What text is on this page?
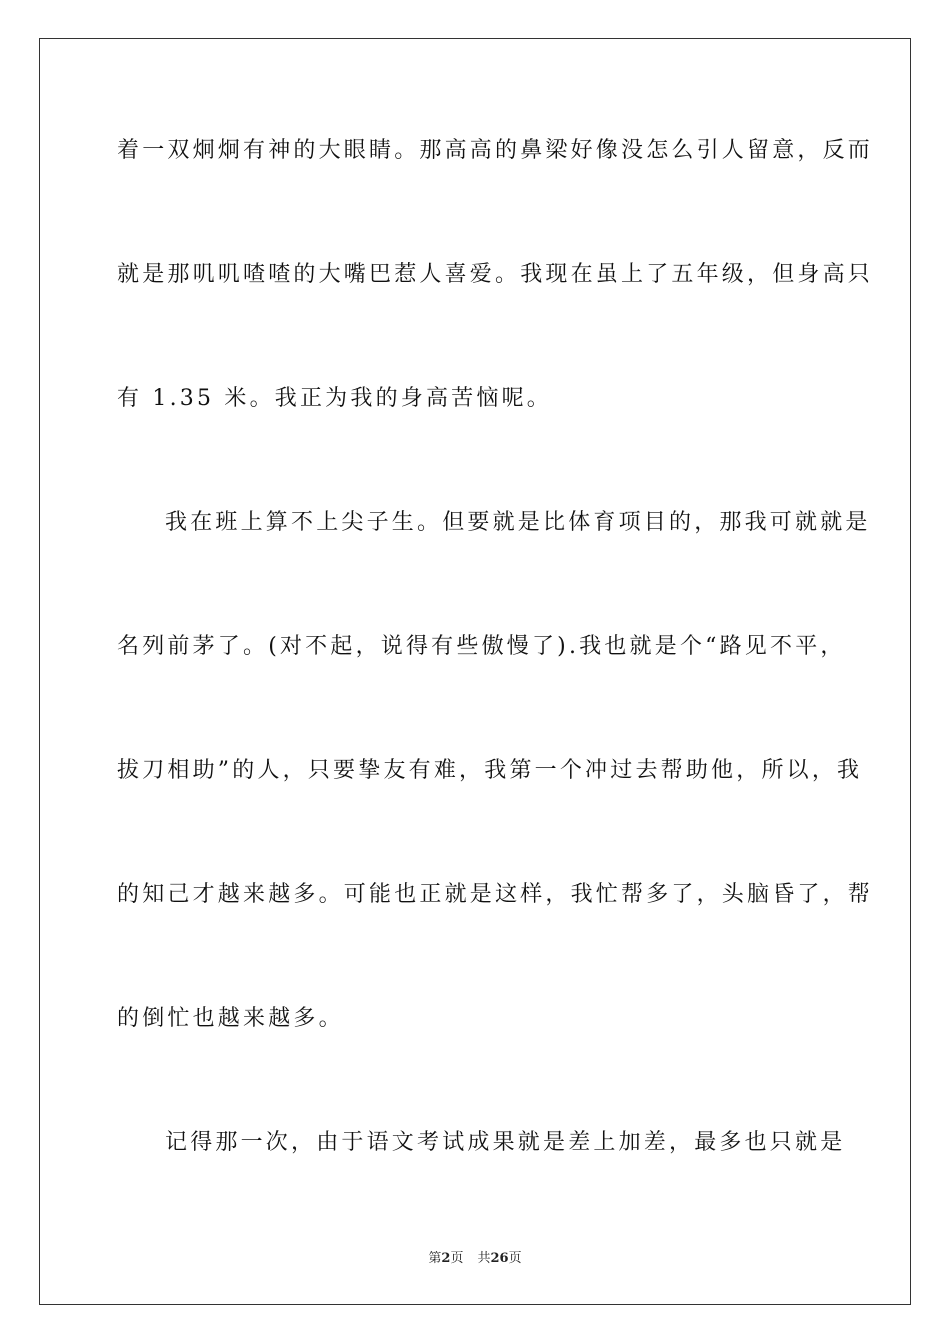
着一双炯炯有神的大眼睛。那高高的鼻梁好像没怎么引人留意，反而
就是那叽叽喳喳的大嘴巴惹人喜爱。我现在虽上了五年级，但身高只
有 1.35 米。我正为我的身高苦恼呢。
我在班上算不上尖子生。但要就是比体育项目的，那我可就就是
名列前茅了。(对不起，说得有些傲慢了).我也就是个“路见不平，
拔刀相助”的人，只要挚友有难，我第一个冲过去帮助他，所以，我
的知己才越来越多。可能也正就是这样，我忙帮多了，头脑昏了，帮
的倒忙也越来越多。
记得那一次，由于语文考试成果就是差上加差，最多也只就是
第2页 共26页
